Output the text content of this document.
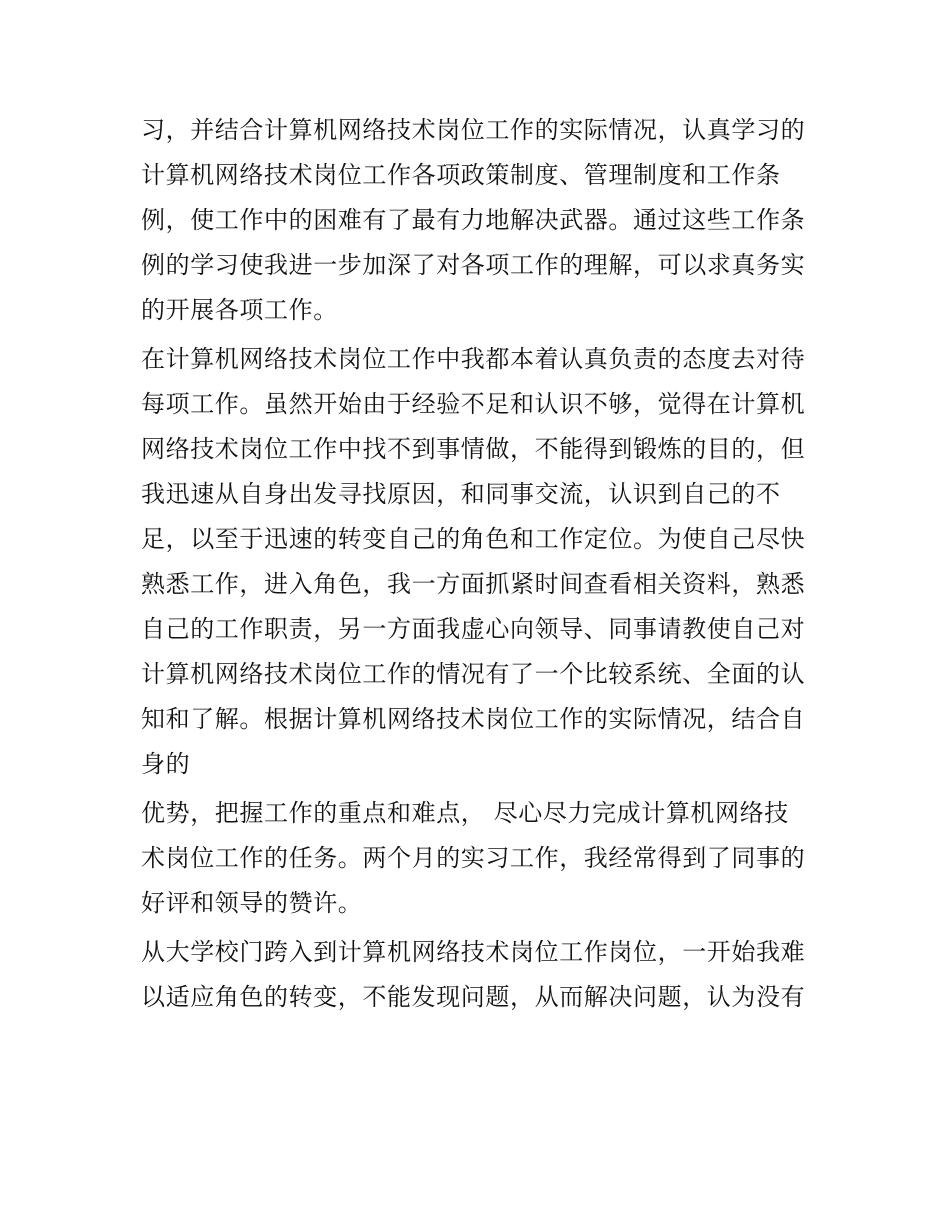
习，并结合计算机网络技术岗位工作的实际情况，认真学习的
计算机网络技术岗位工作各项政策制度、管理制度和工作条
例，使工作中的困难有了最有力地解决武器。通过这些工作条
例的学习使我进一步加深了对各项工作的理解，可以求真务实
的开展各项工作。
在计算机网络技术岗位工作中我都本着认真负责的态度去对待
每项工作。虽然开始由于经验不足和认识不够，觉得在计算机
网络技术岗位工作中找不到事情做，不能得到锻炼的目的，但
我迅速从自身出发寻找原因，和同事交流，认识到自己的不
足，以至于迅速的转变自己的角色和工作定位。为使自己尽快
熟悉工作，进入角色，我一方面抓紧时间查看相关资料，熟悉
自己的工作职责，另一方面我虚心向领导、同事请教使自己对
计算机网络技术岗位工作的情况有了一个比较系统、全面的认
知和了解。根据计算机网络技术岗位工作的实际情况，结合自
身的
优势，把握工作的重点和难点， 尽心尽力完成计算机网络技
术岗位工作的任务。两个月的实习工作，我经常得到了同事的
好评和领导的赞许。
从大学校门跨入到计算机网络技术岗位工作岗位，一开始我难
以适应角色的转变，不能发现问题，从而解决问题，认为没有
